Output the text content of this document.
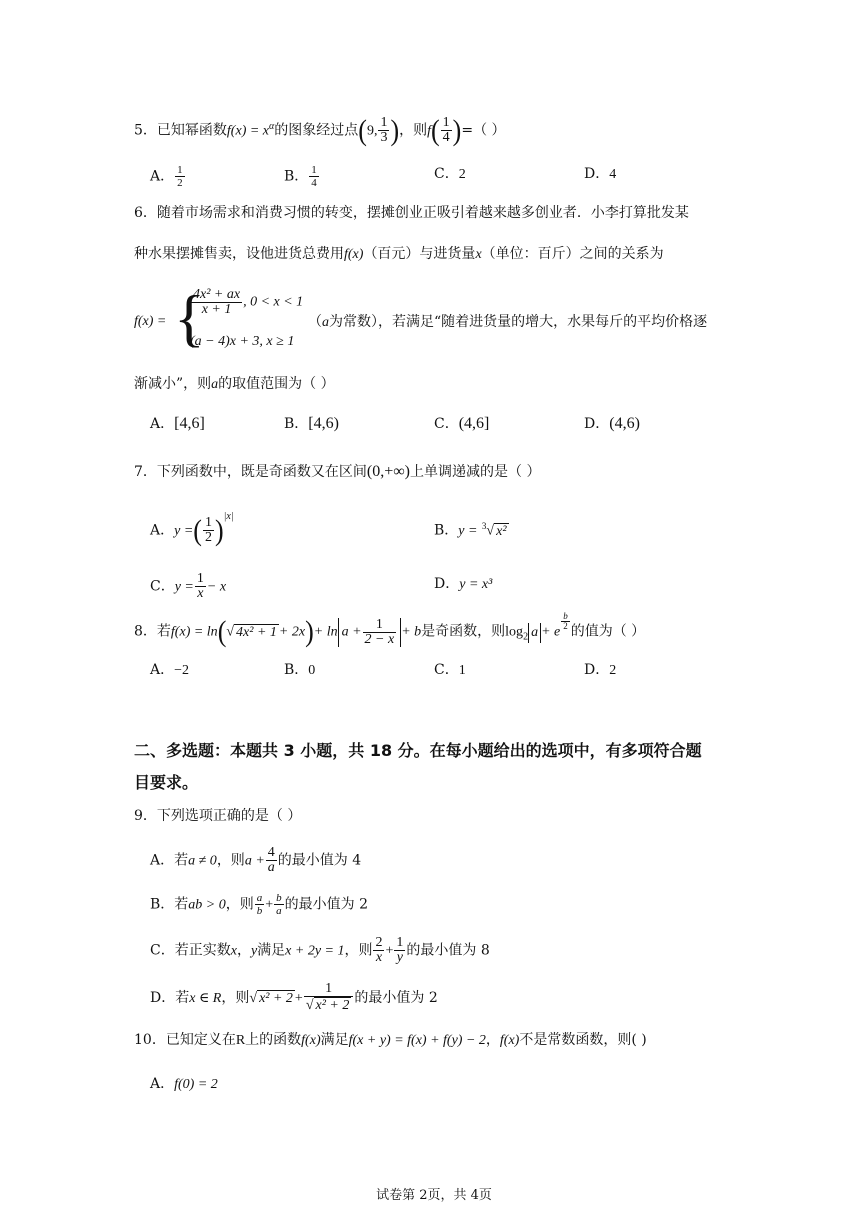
5．已知幂函数$f(x) = x^\alpha$的图象经过点(9, $\frac{1}{3}$ )，则$f( \frac{1}{4}$ )=（ ）
A． $\frac{1}{2}$	B． $\frac{1}{4}$	C．2	D．4
6．随着市场需求和消费习惯的转变，摆摊创业正吸引着越来越多创业者．小李打算批发某
种水果摆摊售卖，设他进货总费用f(x)（百元）与进货量x（单位：百斤）之间的关系为
f(x) = {
$\frac{\text{4x² + ax}}{x + 1}$ , 0 < x < 1
(a − 4)x + 3, x ≥ 1
（a为常数），若满足“随着进货量的增大，水果每斤的平均价格逐
渐减小”，则a的取值范围为（ ）
A．[4,6]	B．[4,6)	C．(4,6]	D．(4,6)
7．下列函数中，既是奇函数又在区间(0,+∞)上单调递减的是（ ）
A．y =( $\frac{1}{2} )^{|x|}$
B．y = $^3$√ x²
C．$y = \frac{1}{x} - x$	D．y = x³
8．若f(x) = ln(√ $4x^2 + 1 + 2x)+ \ln a + \frac{1}{2 - x} + b$是奇函数，则$\log_2 a + e$
$\frac{b}{2}$
的值为（ ）
A．−2	B．0	C．1	D．2
二、多选题：本题共 3 小题，共 18 分。在每小题给出的选项中，有多项符合题
目要求。
9．下列选项正确的是（ ）
A．若a ≠ 0，则$a + \frac{4}{a}$ 的最小值为 4
B．若ab > 0，则 $\frac{a}{b} + \frac{b}{a}$ 的最小值为 2
C．若正实数x，y满足x + 2y = 1，则 $\frac{2}{x} + \frac{1}{y}$ 的最小值为 8
D．若x ∈ R，则√ $x^2 + 2 + \frac{1}{\text{√ x² + 2}}$ 的最小值为 2
10．已知定义在R上的函数f(x)满足f(x + y) = f(x) + f(y) − 2，f(x)不是常数函数，则( )
A．f(0) = 2
试卷第 2页，共 4页
